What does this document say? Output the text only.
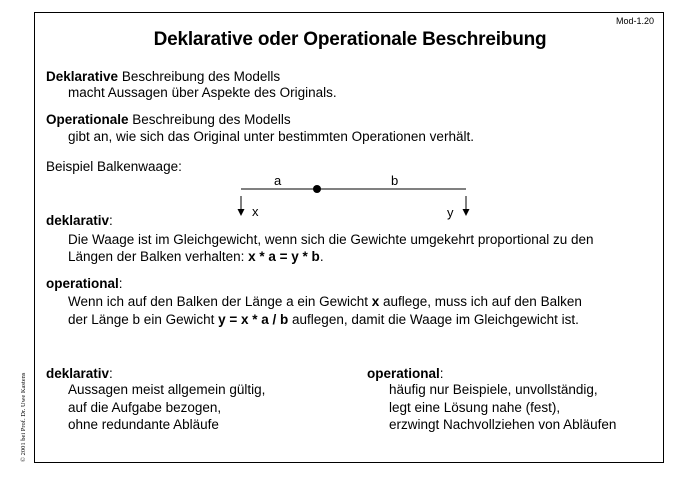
Mod-1.20
Deklarative oder Operationale Beschreibung
Deklarative Beschreibung des Modells
macht Aussagen über Aspekte des Originals.
Operationale Beschreibung des Modells
gibt an, wie sich das Original unter bestimmten Operationen verhält.
Beispiel Balkenwaage:
a	b
x	y
deklarativ:
Die Waage ist im Gleichgewicht, wenn sich die Gewichte umgekehrt proportional zu den
Längen der Balken verhalten: x * a = y * b.
operational:
Wenn ich auf den Balken der Länge a ein Gewicht x auflege, muss ich auf den Balken
der Länge b ein Gewicht y = x * a / b auflegen, damit die Waage im Gleichgewicht ist.
deklarativ:
Aussagen meist allgemein gültig,
auf die Aufgabe bezogen,
ohne redundante Abläufe
operational:
häufig nur Beispiele, unvollständig,
legt eine Lösung nahe (fest),
erzwingt Nachvollziehen von Abläufen
© 2001 bei Prof. Dr. Uwe Kastens
